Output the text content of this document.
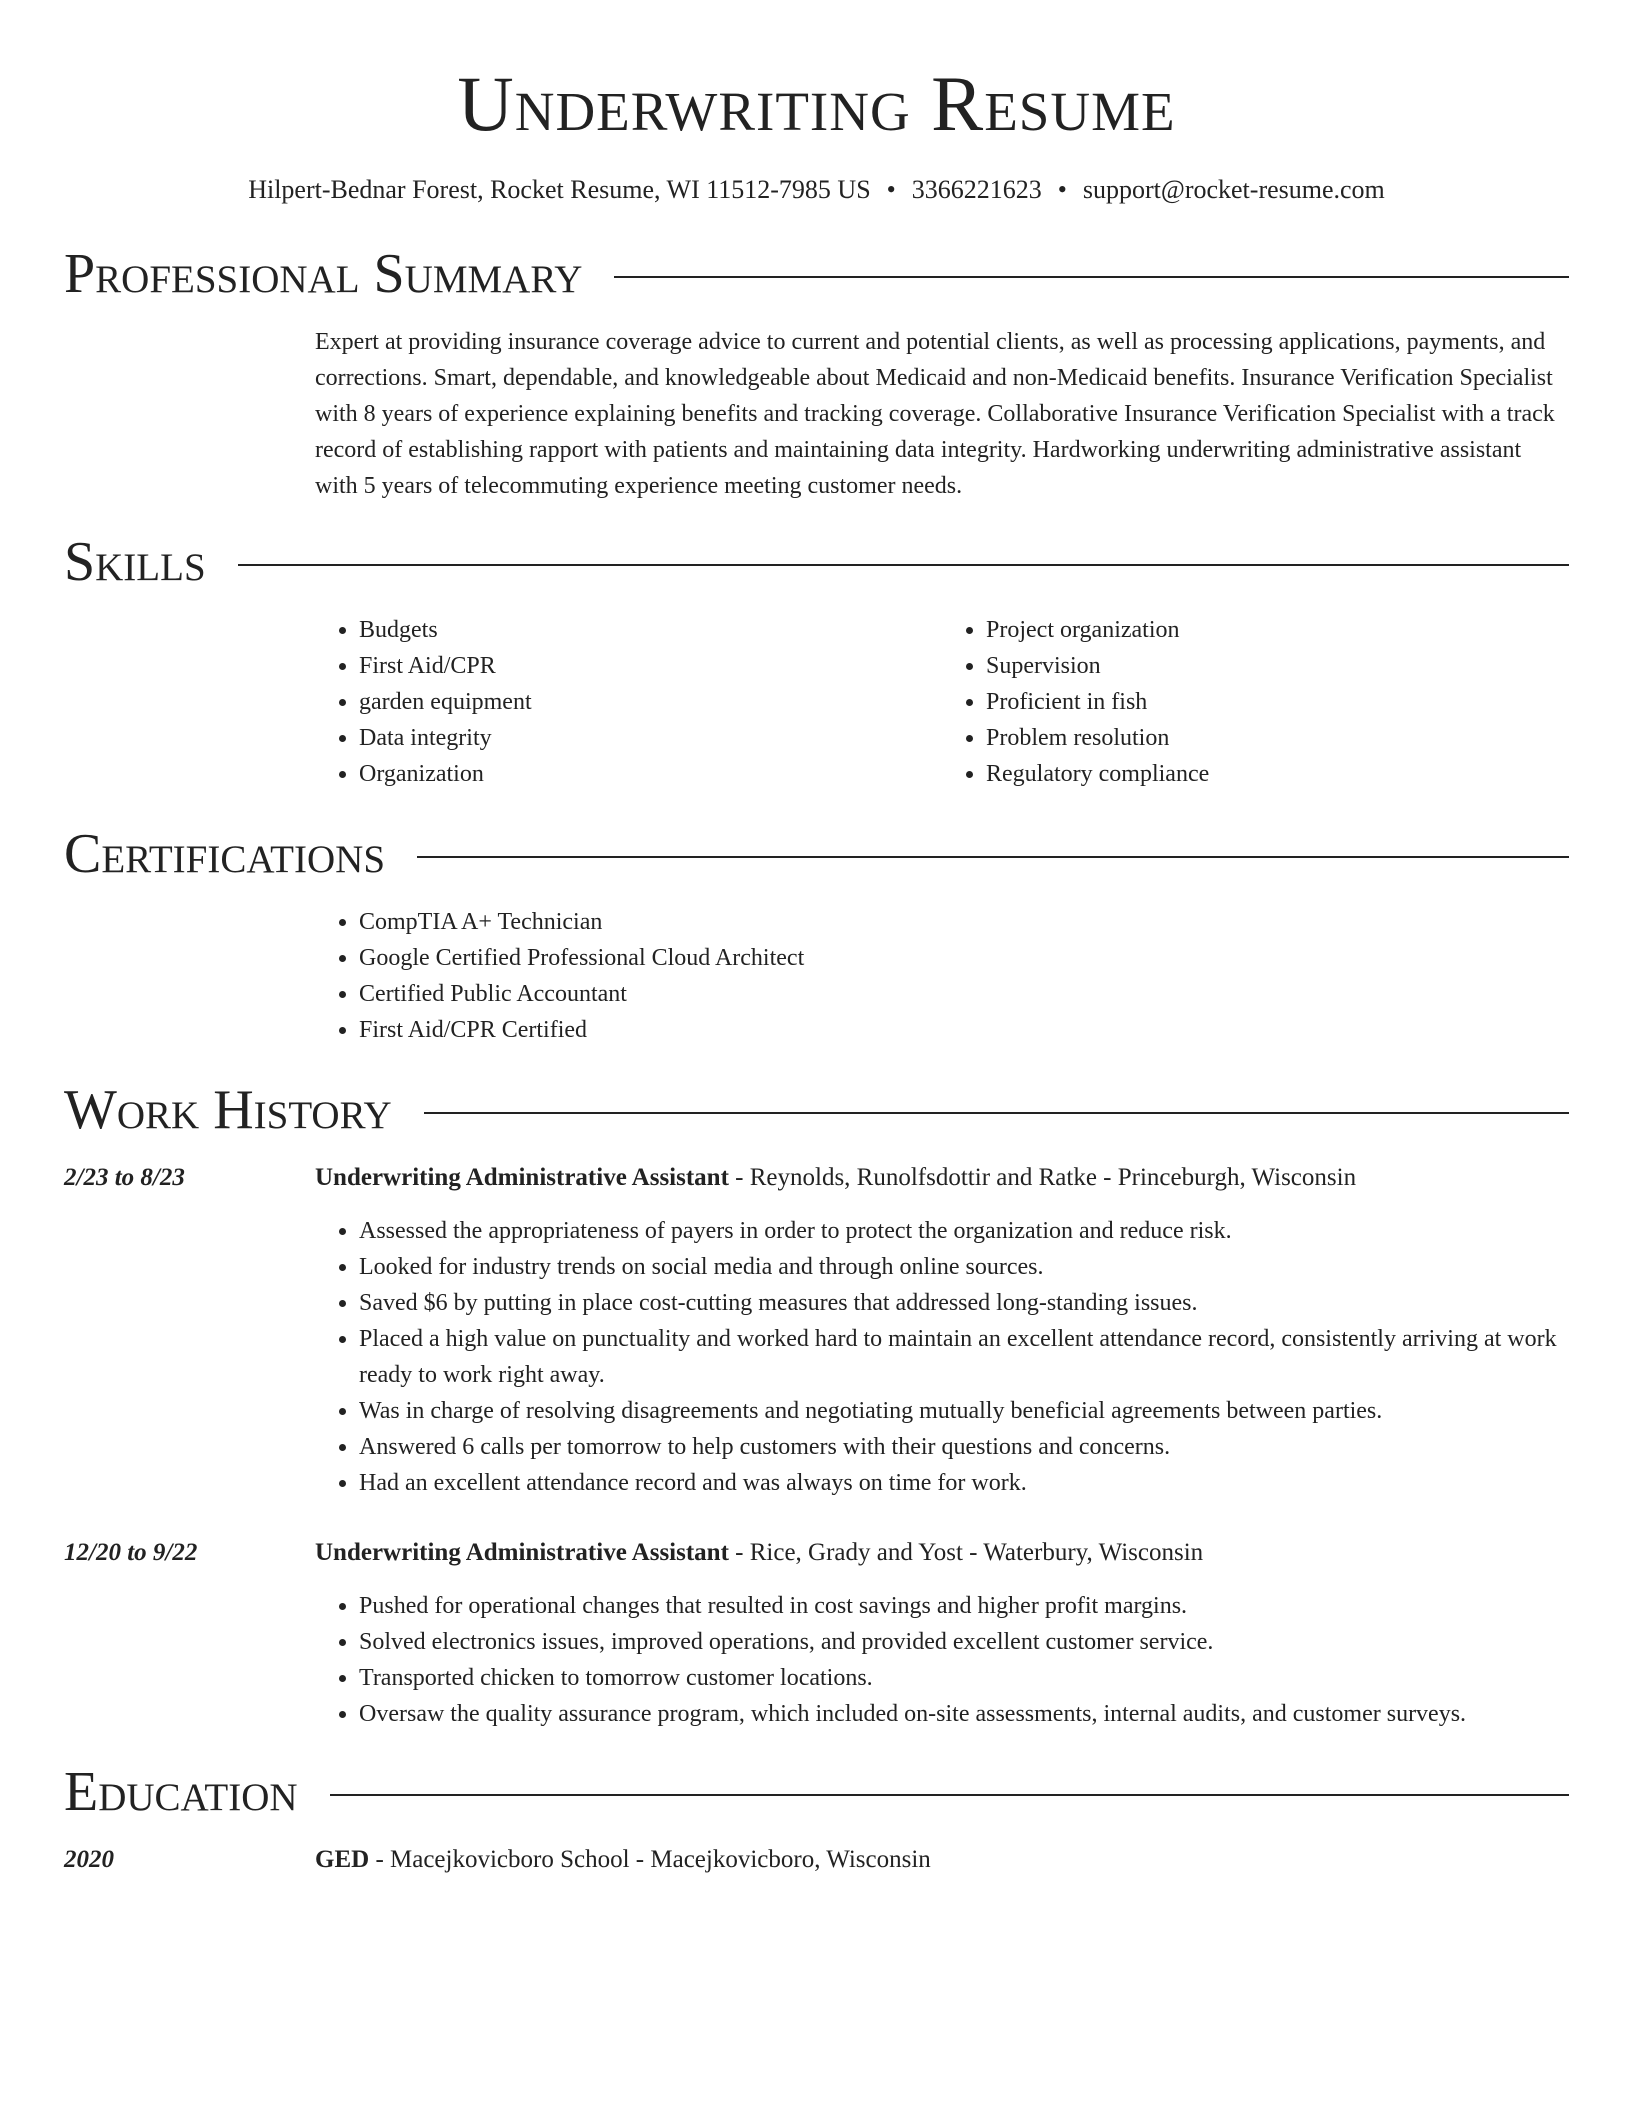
Underwriting Resume
Hilpert-Bednar Forest, Rocket Resume, WI 11512-7985 US • 3366221623 • support@rocket-resume.com
Professional Summary
Expert at providing insurance coverage advice to current and potential clients, as well as processing applications, payments, and corrections. Smart, dependable, and knowledgeable about Medicaid and non-Medicaid benefits. Insurance Verification Specialist with 8 years of experience explaining benefits and tracking coverage. Collaborative Insurance Verification Specialist with a track record of establishing rapport with patients and maintaining data integrity. Hardworking underwriting administrative assistant with 5 years of telecommuting experience meeting customer needs.
Skills
• Budgets
• First Aid/CPR
• garden equipment
• Data integrity
• Organization
• Project organization
• Supervision
• Proficient in fish
• Problem resolution
• Regulatory compliance
Certifications
• CompTIA A+ Technician
• Google Certified Professional Cloud Architect
• Certified Public Accountant
• First Aid/CPR Certified
Work History
2/23 to 8/23	Underwriting Administrative Assistant - Reynolds, Runolfsdottir and Ratke - Princeburgh, Wisconsin
• Assessed the appropriateness of payers in order to protect the organization and reduce risk.
• Looked for industry trends on social media and through online sources.
• Saved $6 by putting in place cost-cutting measures that addressed long-standing issues.
• Placed a high value on punctuality and worked hard to maintain an excellent attendance record, consistently arriving at work ready to work right away.
• Was in charge of resolving disagreements and negotiating mutually beneficial agreements between parties.
• Answered 6 calls per tomorrow to help customers with their questions and concerns.
• Had an excellent attendance record and was always on time for work.
12/20 to 9/22	Underwriting Administrative Assistant - Rice, Grady and Yost - Waterbury, Wisconsin
• Pushed for operational changes that resulted in cost savings and higher profit margins.
• Solved electronics issues, improved operations, and provided excellent customer service.
• Transported chicken to tomorrow customer locations.
• Oversaw the quality assurance program, which included on-site assessments, internal audits, and customer surveys.
Education
2020	GED - Macejkovicboro School - Macejkovicboro, Wisconsin
